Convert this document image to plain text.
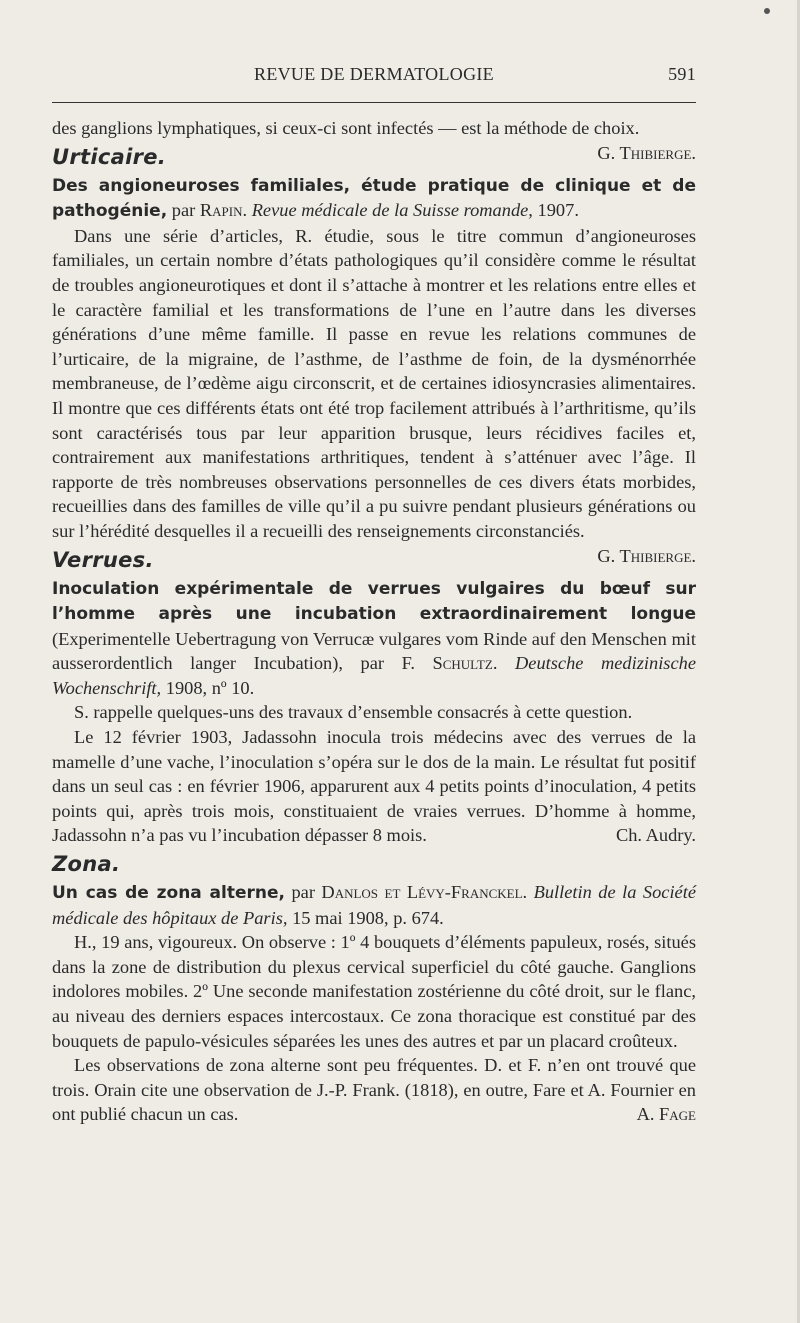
REVUE DE DERMATOLOGIE	591

des ganglions lymphatiques, si ceux-ci sont infectés — est la méthode de choix.
G. Thibierge.

Urticaire.

Des angioneuroses familiales, étude pratique de clinique et de pathogénie, par Rapin. Revue médicale de la Suisse romande, 1907.

Dans une série d’articles, R. étudie, sous le titre commun d’angioneuroses familiales, un certain nombre d’états pathologiques qu’il considère comme le résultat de troubles angioneurotiques et dont il s’attache à montrer et les relations entre elles et le caractère familial et les transformations de l’une en l’autre dans les diverses générations d’une même famille. Il passe en revue les relations communes de l’urticaire, de la migraine, de l’asthme, de l’asthme de foin, de la dysménorrhée membraneuse, de l’œdème aigu circonscrit, et de certaines idiosyncrasies alimentaires. Il montre que ces différents états ont été trop facilement attribués à l’arthritisme, qu’ils sont caractérisés tous par leur apparition brusque, leurs récidives faciles et, contrairement aux manifestations arthritiques, tendent à s’atténuer avec l’âge. Il rapporte de très nombreuses observations personnelles de ces divers états morbides, recueillies dans des familles de ville qu’il a pu suivre pendant plusieurs générations ou sur l’hérédité desquelles il a recueilli des renseignements circonstanciés.
G. Thibierge.

Verrues.

Inoculation expérimentale de verrues vulgaires du bœuf sur l’homme après une incubation extraordinairement longue (Experimentelle Uebertragung von Verrucæ vulgares vom Rinde auf den Menschen mit ausserordentlich langer Incubation), par F. Schultz. Deutsche medizinische Wochenschrift, 1908, nº 10.

S. rappelle quelques-uns des travaux d’ensemble consacrés à cette question.

Le 12 février 1903, Jadassohn inocula trois médecins avec des verrues de la mamelle d’une vache, l’inoculation s’opéra sur le dos de la main. Le résultat fut positif dans un seul cas : en février 1906, apparurent aux 4 petits points d’inoculation, 4 petits points qui, après trois mois, constituaient de vraies verrues. D’homme à homme, Jadassohn n’a pas vu l’incubation dépasser 8 mois.	Ch. Audry.

Zona.

Un cas de zona alterne, par Danlos et Lévy-Franckel. Bulletin de la Société médicale des hôpitaux de Paris, 15 mai 1908, p. 674.

H., 19 ans, vigoureux. On observe : 1º 4 bouquets d’éléments papuleux, rosés, situés dans la zone de distribution du plexus cervical superficiel du côté gauche. Ganglions indolores mobiles. 2º Une seconde manifestation zostérienne du côté droit, sur le flanc, au niveau des derniers espaces intercostaux. Ce zona thoracique est constitué par des bouquets de papulo-vésicules séparées les unes des autres et par un placard croûteux.

Les observations de zona alterne sont peu fréquentes. D. et F. n’en ont trouvé que trois. Orain cite une observation de J.-P. Frank. (1818), en outre, Fare et A. Fournier en ont publié chacun un cas.	A. Fage
